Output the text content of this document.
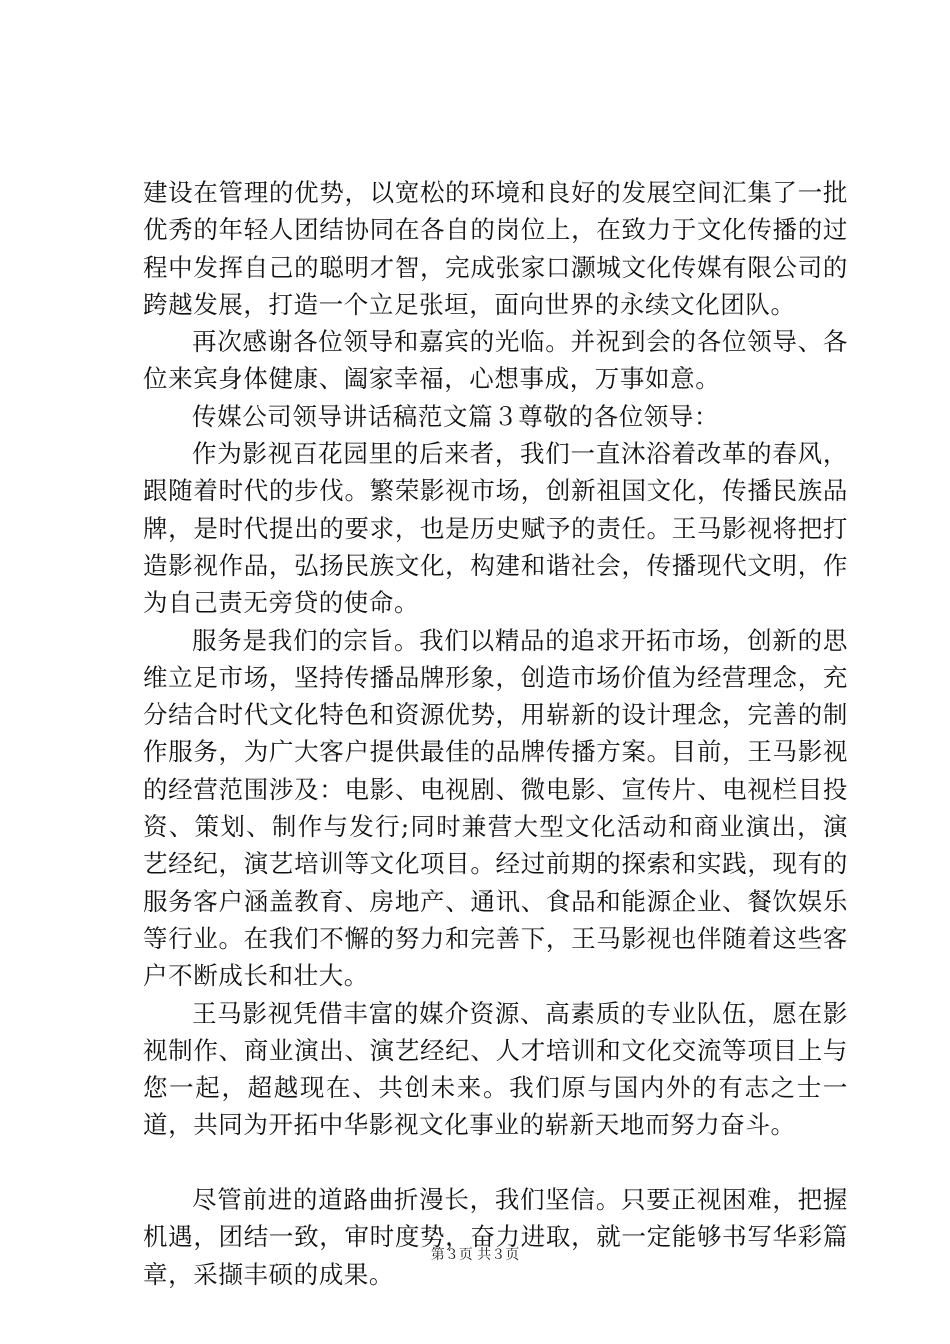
建设在管理的优势，以宽松的环境和良好的发展空间汇集了一批优秀的年轻人团结协同在各自的岗位上，在致力于文化传播的过程中发挥自己的聪明才智，完成张家口灏城文化传媒有限公司的跨越发展，打造一个立足张垣，面向世界的永续文化团队。

再次感谢各位领导和嘉宾的光临。并祝到会的各位领导、各位来宾身体健康、阖家幸福，心想事成，万事如意。

传媒公司领导讲话稿范文篇３尊敬的各位领导：

作为影视百花园里的后来者，我们一直沐浴着改革的春风，跟随着时代的步伐。繁荣影视市场，创新祖国文化，传播民族品牌，是时代提出的要求，也是历史赋予的责任。王马影视将把打造影视作品，弘扬民族文化，构建和谐社会，传播现代文明，作为自己责无旁贷的使命。

服务是我们的宗旨。我们以精品的追求开拓市场，创新的思维立足市场，坚持传播品牌形象，创造市场价值为经营理念，充分结合时代文化特色和资源优势，用崭新的设计理念，完善的制作服务，为广大客户提供最佳的品牌传播方案。目前，王马影视的经营范围涉及：电影、电视剧、微电影、宣传片、电视栏目投资、策划、制作与发行;同时兼营大型文化活动和商业演出，演艺经纪，演艺培训等文化项目。经过前期的探索和实践，现有的服务客户涵盖教育、房地产、通讯、食品和能源企业、餐饮娱乐等行业。在我们不懈的努力和完善下，王马影视也伴随着这些客户不断成长和壮大。

王马影视凭借丰富的媒介资源、高素质的专业队伍，愿在影视制作、商业演出、演艺经纪、人才培训和文化交流等项目上与您一起，超越现在、共创未来。我们原与国内外的有志之士一道，共同为开拓中华影视文化事业的崭新天地而努力奋斗。

尽管前进的道路曲折漫长，我们坚信。只要正视困难，把握机遇，团结一致，审时度势，奋力进取，就一定能够书写华彩篇章，采撷丰硕的成果。

第３页 共３页
